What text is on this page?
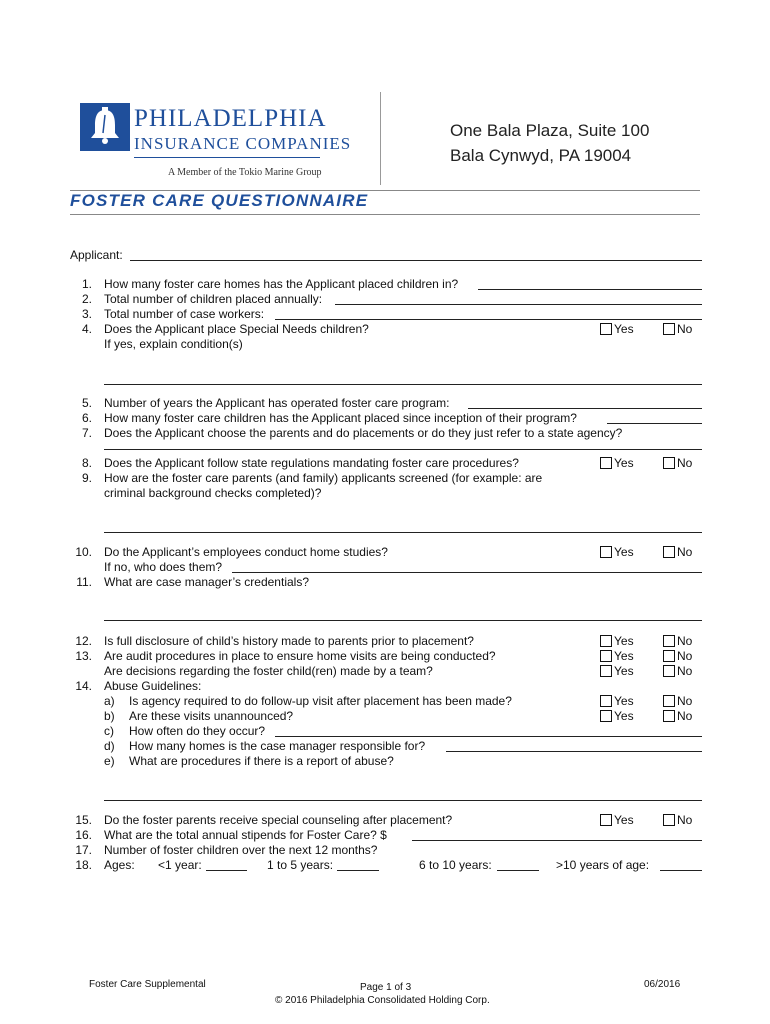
PHILADELPHIA
INSURANCE COMPANIES
A Member of the Tokio Marine Group
One Bala Plaza, Suite 100
Bala Cynwyd, PA 19004
FOSTER CARE QUESTIONNAIRE
Applicant:
1. How many foster care homes has the Applicant placed children in?
2. Total number of children placed annually:
3. Total number of case workers:
4. Does the Applicant place Special Needs children?	Yes	No
If yes, explain condition(s)
5. Number of years the Applicant has operated foster care program:
6. How many foster care children has the Applicant placed since inception of their program?
7. Does the Applicant choose the parents and do placements or do they just refer to a state agency?
8. Does the Applicant follow state regulations mandating foster care procedures?	Yes	No
9. How are the foster care parents (and family) applicants screened (for example: are
criminal background checks completed)?
10. Do the Applicant’s employees conduct home studies?	Yes	No
If no, who does them?
11. What are case manager’s credentials?
12. Is full disclosure of child’s history made to parents prior to placement?	Yes	No
13. Are audit procedures in place to ensure home visits are being conducted?	Yes	No
Are decisions regarding the foster child(ren) made by a team?	Yes	No
14. Abuse Guidelines:
a) Is agency required to do follow-up visit after placement has been made?	Yes	No
b) Are these visits unannounced?	Yes	No
c) How often do they occur?
d) How many homes is the case manager responsible for?
e) What are procedures if there is a report of abuse?
15. Do the foster parents receive special counseling after placement?	Yes	No
16. What are the total annual stipends for Foster Care? $
17. Number of foster children over the next 12 months?
18. Ages: <1 year:	1 to 5 years:	6 to 10 years:	>10 years of age:
Foster Care Supplemental	Page 1 of 3
© 2016 Philadelphia Consolidated Holding Corp.
06/2016
